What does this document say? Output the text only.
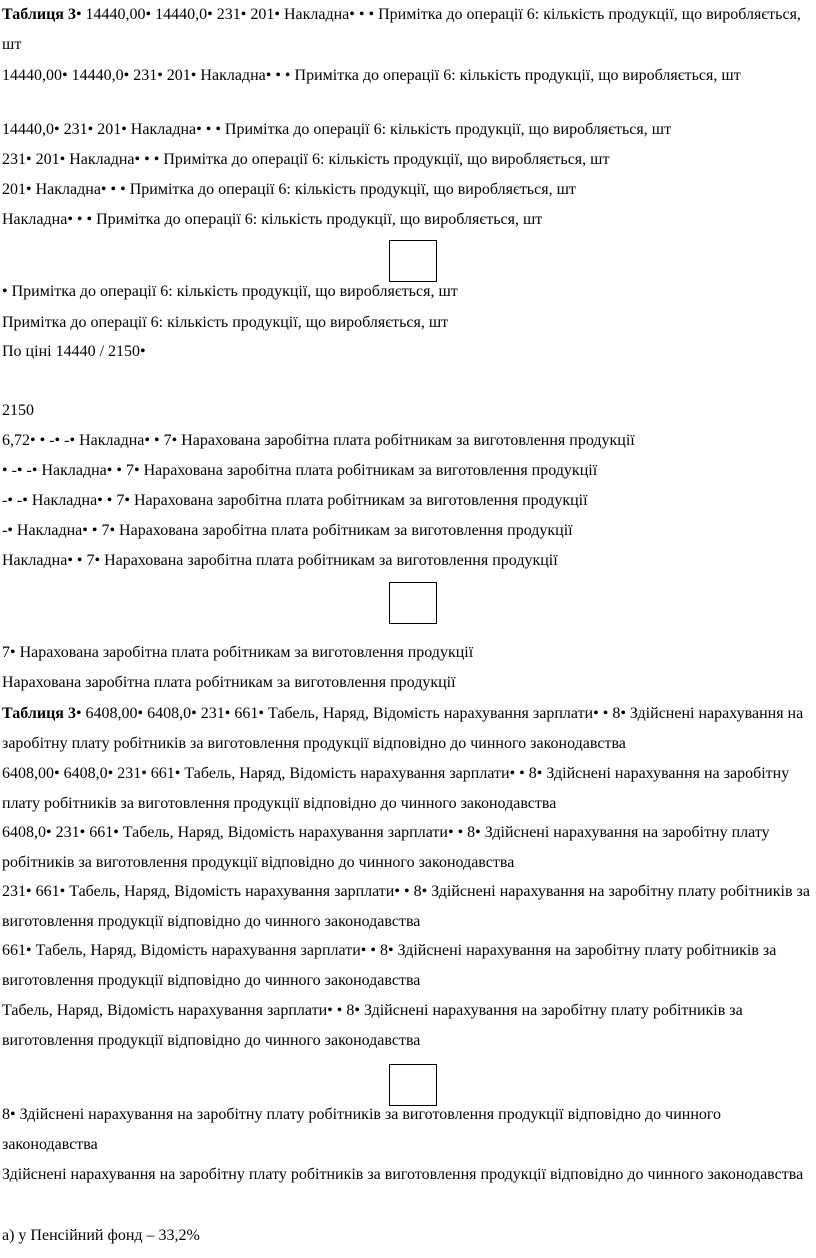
Таблиця 3• 14440,00• 14440,0• 231• 201• Накладна• • • Примітка до операції 6: кількість продукції, що виробляється, шт
14440,00• 14440,0• 231• 201• Накладна• • • Примітка до операції 6: кількість продукції, що виробляється, шт
14440,0• 231• 201• Накладна• • • Примітка до операції 6: кількість продукції, що виробляється, шт
231• 201• Накладна• • • Примітка до операції 6: кількість продукції, що виробляється, шт
201• Накладна• • • Примітка до операції 6: кількість продукції, що виробляється, шт
Накладна• • • Примітка до операції 6: кількість продукції, що виробляється, шт
• Примітка до операції 6: кількість продукції, що виробляється, шт
Примітка до операції 6: кількість продукції, що виробляється, шт
По ціні 14440 / 2150•
2150
6,72• • -• -• Накладна• • 7• Нарахована заробітна плата робітникам за виготовлення продукції
• -• -• Накладна• • 7• Нарахована заробітна плата робітникам за виготовлення продукції
-• -• Накладна• • 7• Нарахована заробітна плата робітникам за виготовлення продукції
-• Накладна• • 7• Нарахована заробітна плата робітникам за виготовлення продукції
Накладна• • 7• Нарахована заробітна плата робітникам за виготовлення продукції
7• Нарахована заробітна плата робітникам за виготовлення продукції
Нарахована заробітна плата робітникам за виготовлення продукції
Таблиця 3• 6408,00• 6408,0• 231• 661• Табель, Наряд, Відомість нарахування зарплати• • 8• Здійснені нарахування на заробітну плату робітників за виготовлення продукції відповідно до чинного законодавства
6408,00• 6408,0• 231• 661• Табель, Наряд, Відомість нарахування зарплати• • 8• Здійснені нарахування на заробітну плату робітників за виготовлення продукції відповідно до чинного законодавства
6408,0• 231• 661• Табель, Наряд, Відомість нарахування зарплати• • 8• Здійснені нарахування на заробітну плату робітників за виготовлення продукції відповідно до чинного законодавства
231• 661• Табель, Наряд, Відомість нарахування зарплати• • 8• Здійснені нарахування на заробітну плату робітників за виготовлення продукції відповідно до чинного законодавства
661• Табель, Наряд, Відомість нарахування зарплати• • 8• Здійснені нарахування на заробітну плату робітників за виготовлення продукції відповідно до чинного законодавства
Табель, Наряд, Відомість нарахування зарплати• • 8• Здійснені нарахування на заробітну плату робітників за виготовлення продукції відповідно до чинного законодавства
8• Здійснені нарахування на заробітну плату робітників за виготовлення продукції відповідно до чинного законодавства
Здійснені нарахування на заробітну плату робітників за виготовлення продукції відповідно до чинного законодавства
а) у Пенсійний фонд – 33,2%
